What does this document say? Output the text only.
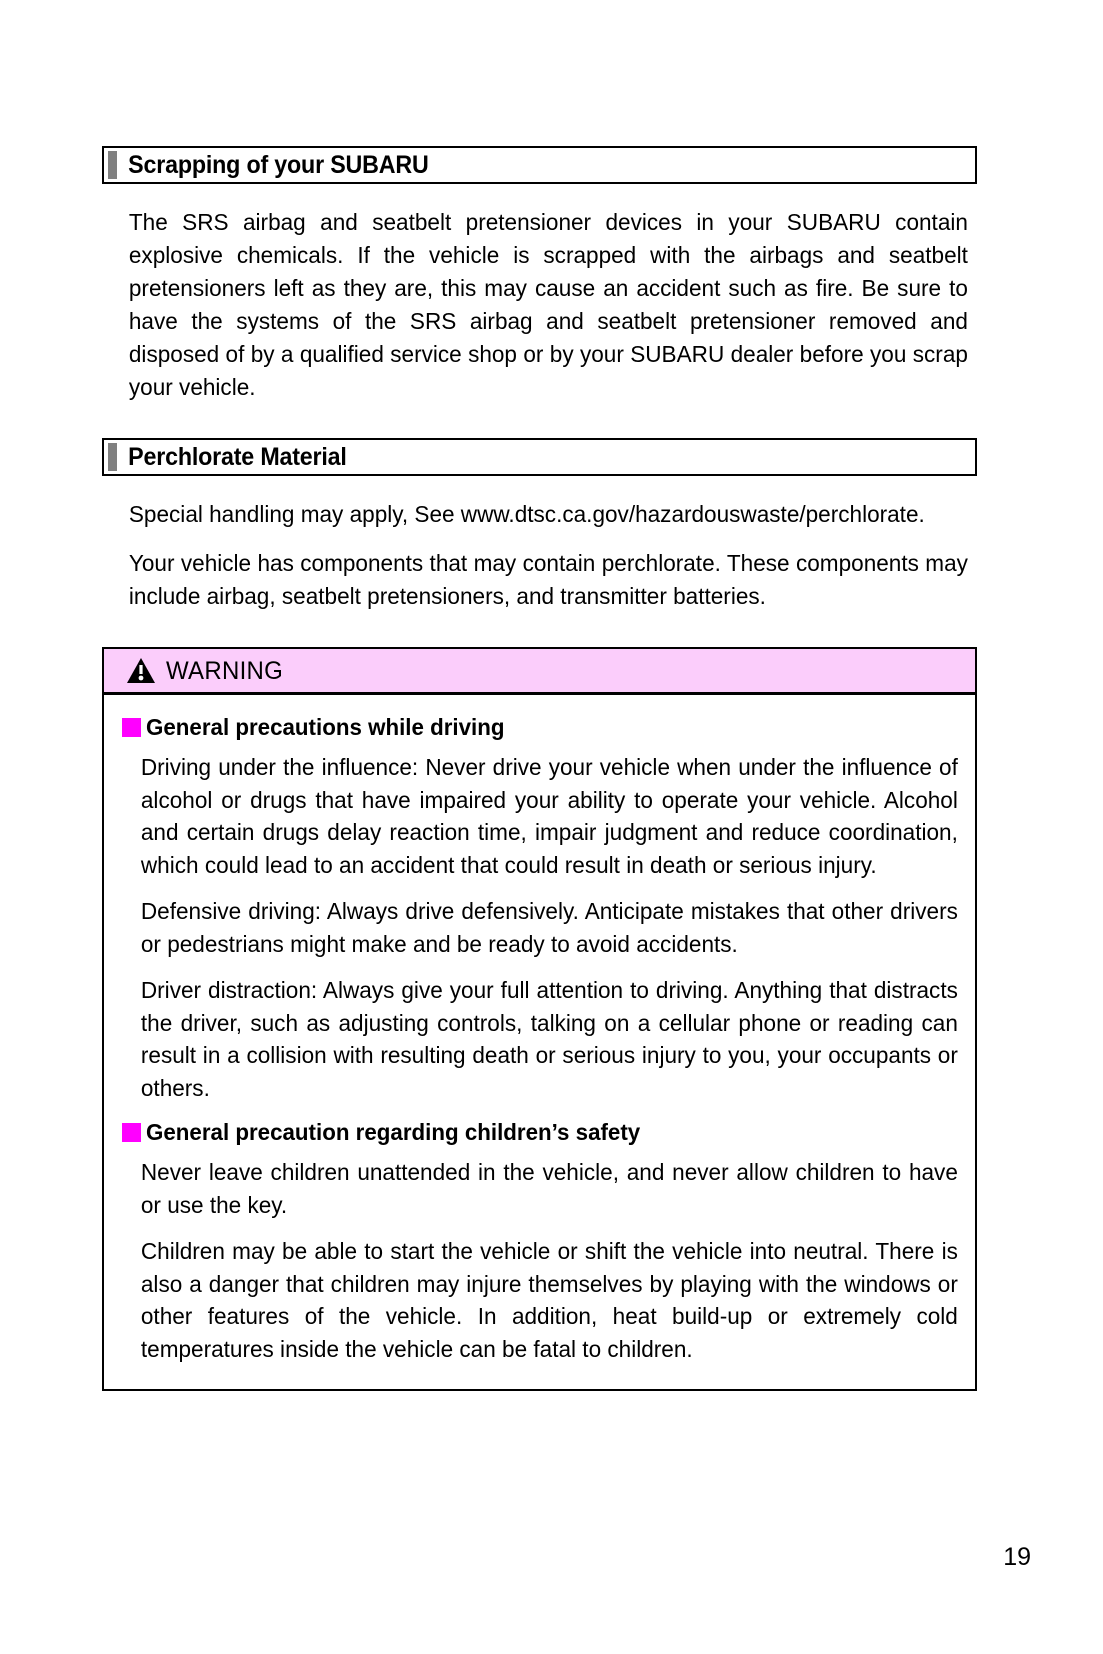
Scrapping of your SUBARU

The SRS airbag and seatbelt pretensioner devices in your SUBARU contain explosive chemicals. If the vehicle is scrapped with the airbags and seatbelt pretensioners left as they are, this may cause an accident such as fire. Be sure to have the systems of the SRS airbag and seatbelt pretensioner removed and disposed of by a qualified service shop or by your SUBARU dealer before you scrap your vehicle.

Perchlorate Material

Special handling may apply, See www.dtsc.ca.gov/hazardouswaste/perchlorate.

Your vehicle has components that may contain perchlorate. These components may include airbag, seatbelt pretensioners, and transmitter batteries.

WARNING
General precautions while driving

Driving under the influence: Never drive your vehicle when under the influence of alcohol or drugs that have impaired your ability to operate your vehicle. Alcohol and certain drugs delay reaction time, impair judgment and reduce coordination, which could lead to an accident that could result in death or serious injury.

Defensive driving: Always drive defensively. Anticipate mistakes that other drivers or pedestrians might make and be ready to avoid accidents.

Driver distraction: Always give your full attention to driving. Anything that distracts the driver, such as adjusting controls, talking on a cellular phone or reading can result in a collision with resulting death or serious injury to you, your occupants or others.

General precaution regarding children’s safety

Never leave children unattended in the vehicle, and never allow children to have or use the key.

Children may be able to start the vehicle or shift the vehicle into neutral. There is also a danger that children may injure themselves by playing with the windows or other features of the vehicle. In addition, heat build-up or extremely cold temperatures inside the vehicle can be fatal to children.

19
